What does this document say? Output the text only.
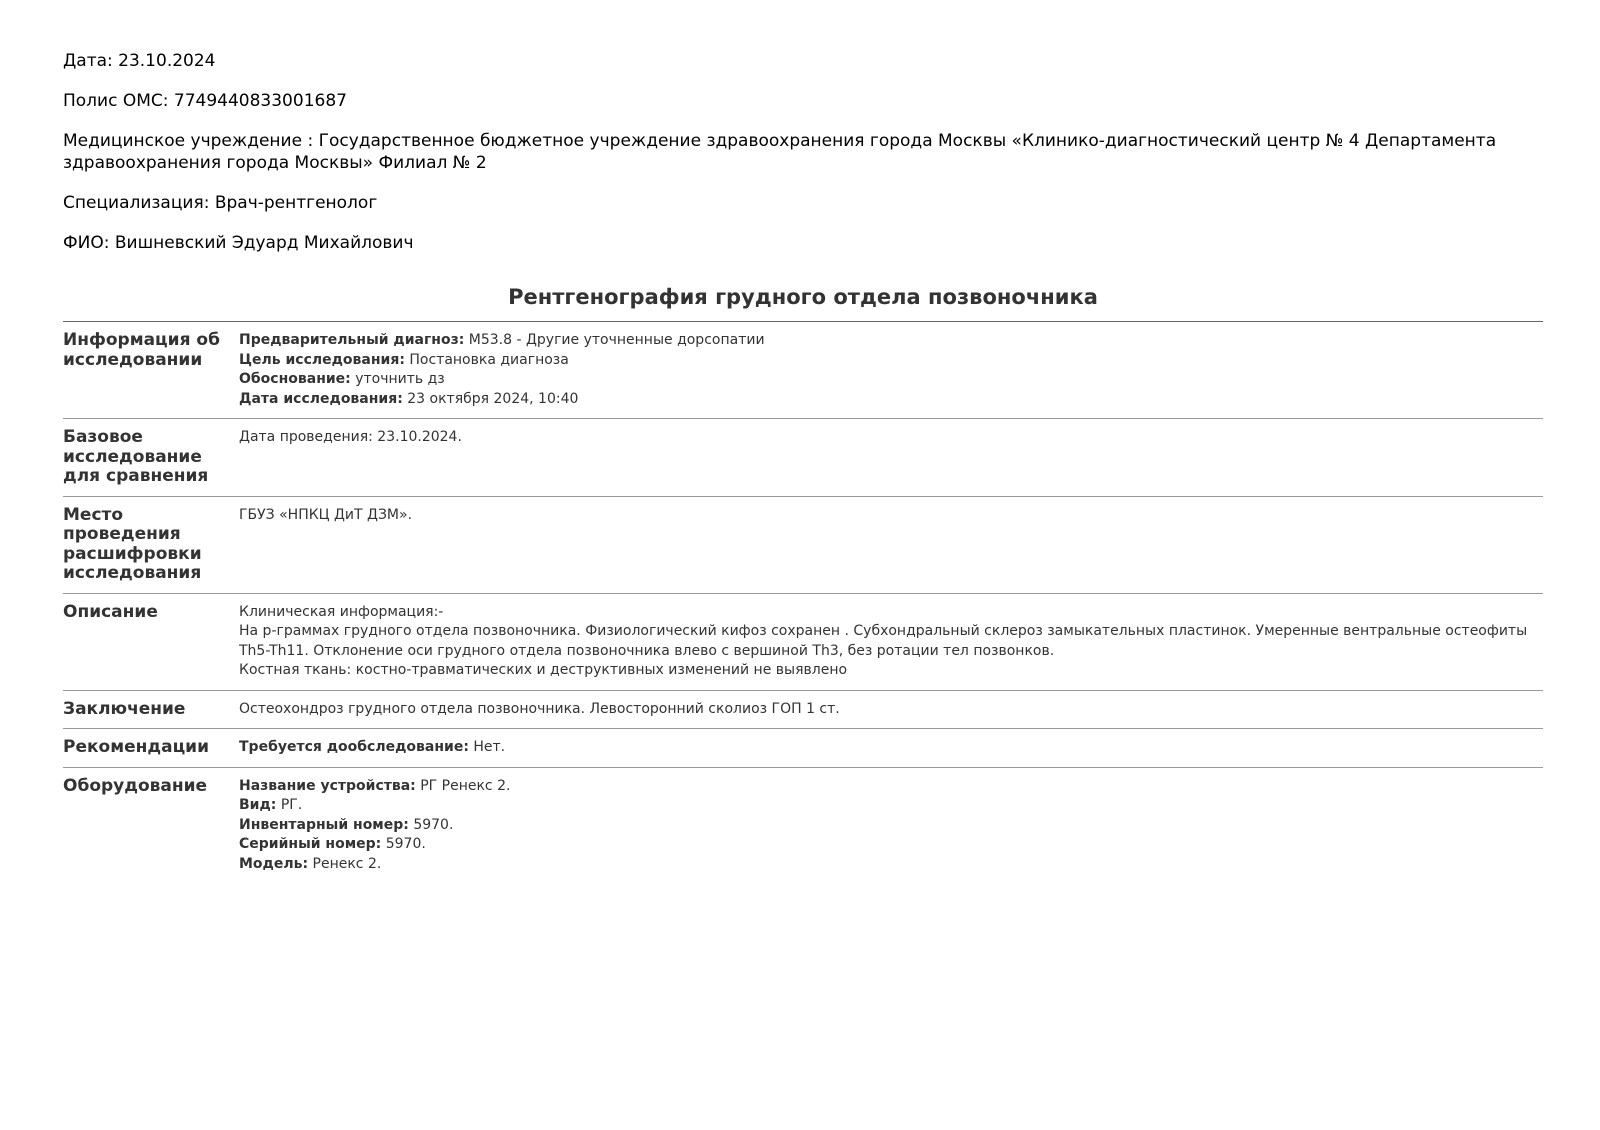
Дата: 23.10.2024
Полис ОМС: 7749440833001687
Медицинское учреждение : Государственное бюджетное учреждение здравоохранения города Москвы «Клинико-диагностический центр № 4 Департамента здравоохранения города Москвы» Филиал № 2
Специализация: Врач-рентгенолог
ФИО: Вишневский Эдуард Михайлович
Рентгенография грудного отдела позвоночника
Информация об исследовании	Предварительный диагноз: M53.8 - Другие уточненные дорсопатии
Цель исследования: Постановка диагноза
Обоснование: уточнить дз
Дата исследования: 23 октября 2024, 10:40

Базовое исследование для сравнения	Дата проведения: 23.10.2024.
Место проведения расшифровки исследования	ГБУЗ «НПКЦ ДиТ ДЗМ».
Описание	Клиническая информация:-
На р-граммах грудного отдела позвоночника. Физиологический кифоз сохранен . Субхондральный склероз замыкательных пластинок. Умеренные вентральные остеофиты Th5-Th11. Отклонение оси грудного отдела позвоночника влево с вершиной Th3, без ротации тел позвонков.
Костная ткань: костно-травматических и деструктивных изменений не выявлено

Заключение	Остеохондроз грудного отдела позвоночника. Левосторонний сколиоз ГОП 1 ст.
Рекомендации	Требуется дообследование: Нет.

Оборудование	Название устройства: РГ Ренекс 2.
Вид: РГ.
Инвентарный номер: 5970.
Серийный номер: 5970.
Модель: Ренекс 2.
